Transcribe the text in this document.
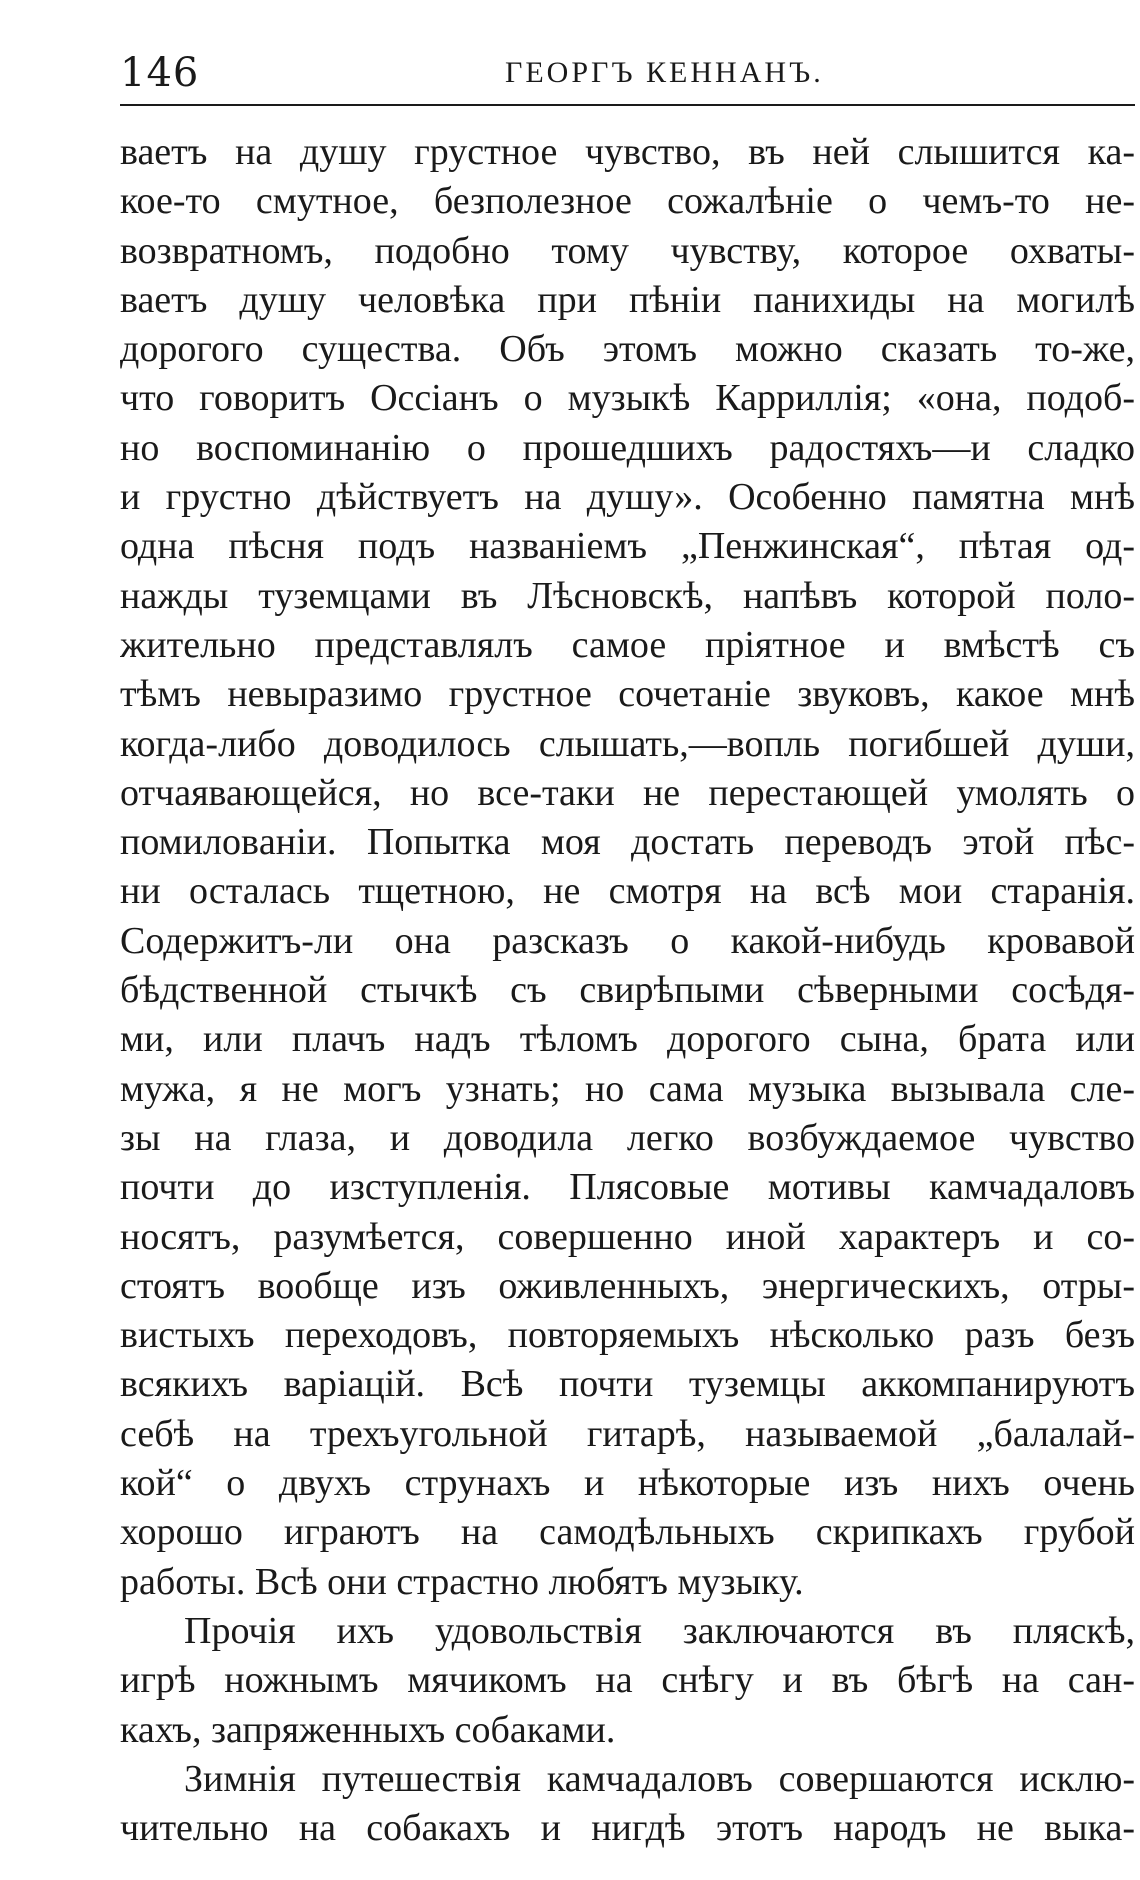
146	ГЕОРГЪ КЕННАНЪ.
ваетъ на душу грустное чувство, въ ней слышится ка-
кое-то смутное, безполезное сожалѣніе о чемъ-то не-
возвратномъ, подобно тому чувству, которое охваты-
ваетъ душу человѣка при пѣніи панихиды на могилѣ
дорогого существа. Объ этомъ можно сказать то-же,
что говоритъ Оссіанъ о музыкѣ Карриллія; «она, подоб-
но воспоминанію о прошедшихъ радостяхъ—и сладко
и грустно дѣйствуетъ на душу». Особенно памятна мнѣ
одна пѣсня подъ названіемъ „Пенжинская“, пѣтая од-
нажды туземцами въ Лѣсновскѣ, напѣвъ которой поло-
жительно представлялъ самое пріятное и вмѣстѣ съ
тѣмъ невыразимо грустное сочетаніе звуковъ, какое мнѣ
когда-либо доводилось слышать,—вопль погибшей души,
отчаявающейся, но все-таки не перестающей умолять о
помиловaніи. Попытка моя достать переводъ этой пѣс-
ни осталась тщетною, не смотря на всѣ мои старанія.
Содержитъ-ли она разсказъ о какой-нибудь кровавой
бѣдственной стычкѣ съ свирѣпыми сѣверными сосѣдя-
ми, или плачъ надъ тѣломъ дорогого сына, брата или
мужа, я не могъ узнать; но сама музыка вызывала сле-
зы на глаза, и доводила легко возбуждаемое чувство
почти до изступленія. Плясовые мотивы камчадаловъ
носятъ, разумѣется, совершенно иной характеръ и со-
стоятъ вообще изъ оживленныхъ, энергическихъ, отры-
вистыхъ переходовъ, повторяемыхъ нѣсколько разъ безъ
всякихъ варіацій. Всѣ почти туземцы аккомпанируютъ
себѣ на трехъугольной гитарѣ, называемой „балалай-
кой“ о двухъ струнахъ и нѣкоторые изъ нихъ очень
хорошо играютъ на самодѣльныхъ скрипкахъ грубой
работы. Всѣ они страстно любятъ музыку.
Прочія ихъ удовольствія заключаются въ пляскѣ,
игрѣ ножнымъ мячикомъ на снѣгу и въ бѣгѣ на сан-
кахъ, запряженныхъ собаками.
Зимнія путешествія камчадаловъ совершаются исклю-
чительно на собакахъ и нигдѣ этотъ народъ не выка-
